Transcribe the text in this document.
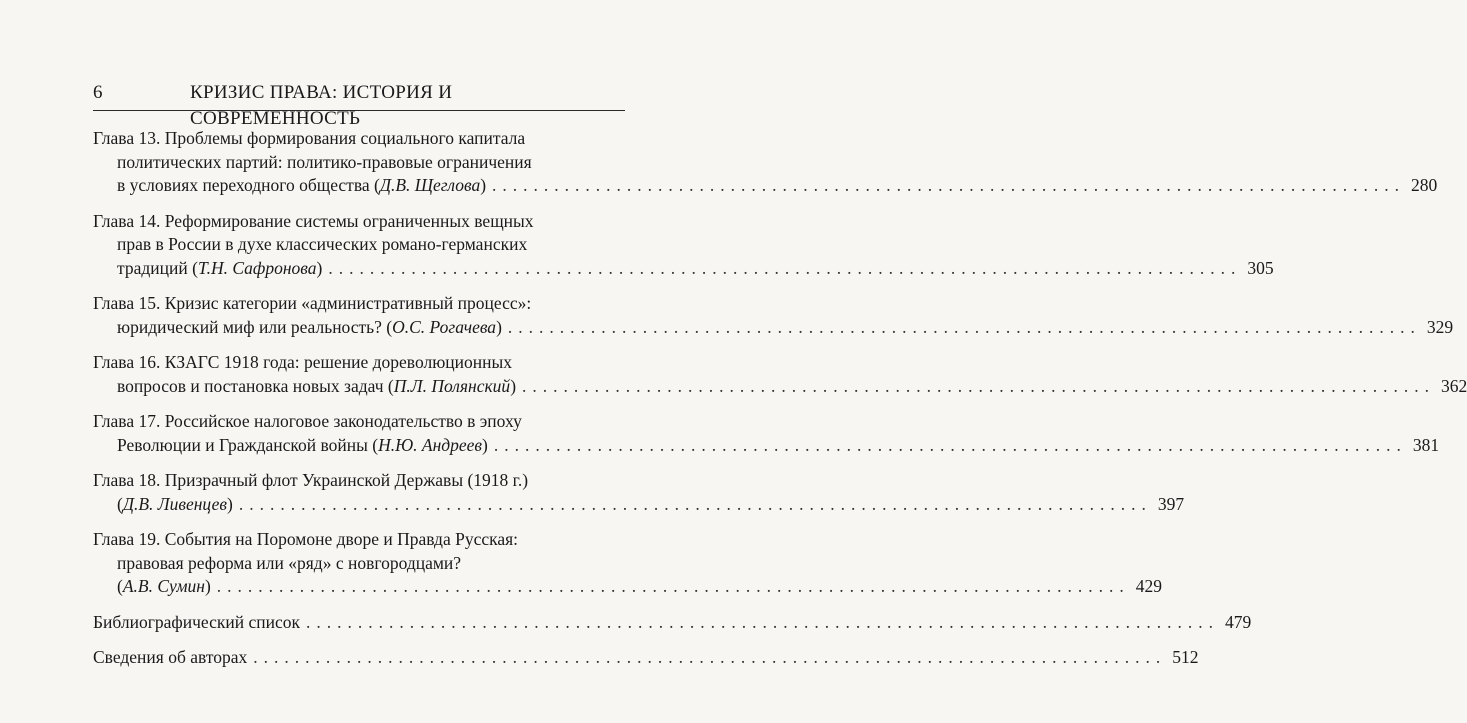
6	КРИЗИС ПРАВА: ИСТОРИЯ И СОВРЕМЕННОСТЬ
Глава 13. Проблемы формирования социального капитала
политических партий: политико-правовые ограничения
в условиях переходного общества (Д.В. Щеглова) ........................................................................................ 280
Глава 14. Реформирование системы ограниченных вещных
прав в России в духе классических романо-германских
традиций (Т.Н. Сафронова) ........................................................................................ 305
Глава 15. Кризис категории «административный процесс»:
юридический миф или реальность? (О.С. Рогачева) ........................................................................................ 329
Глава 16. КЗАГС 1918 года: решение дореволюционных
вопросов и постановка новых задач (П.Л. Полянский) ........................................................................................ 362
Глава 17. Российское налоговое законодательство в эпоху
Революции и Гражданской войны (Н.Ю. Андреев) ........................................................................................ 381
Глава 18. Призрачный флот Украинской Державы (1918 г.)
(Д.В. Ливенцев) ........................................................................................ 397
Глава 19. События на Поромоне дворе и Правда Русская:
правовая реформа или «ряд» с новгородцами?
(А.В. Сумин) ........................................................................................ 429
Библиографический список ........................................................................................ 479
Сведения об авторах ........................................................................................ 512
